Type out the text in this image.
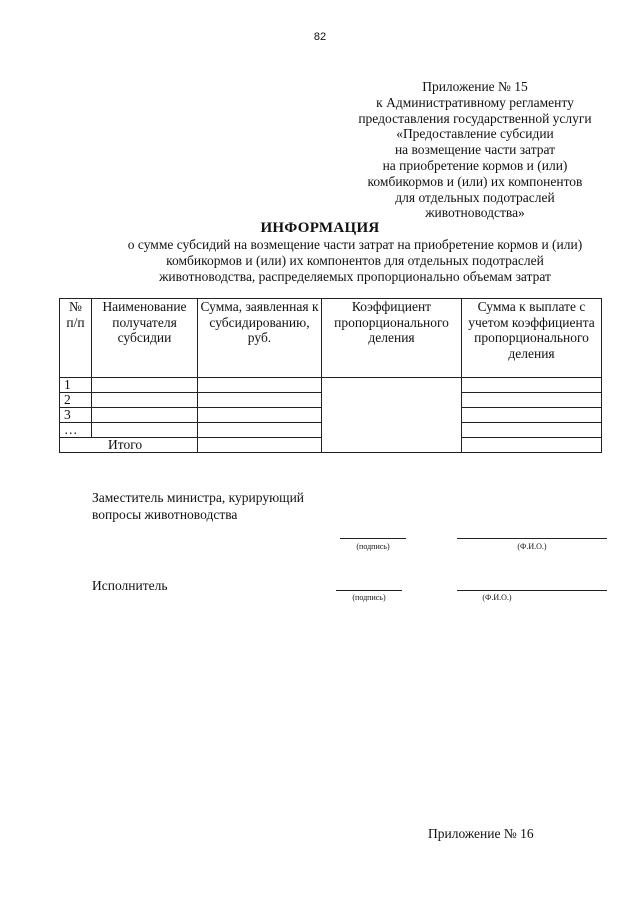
82
Приложение № 15
к Административному регламенту
предоставления государственной услуги
«Предоставление субсидии
на возмещение части затрат
на приобретение кормов и (или)
комбикормов и (или) их компонентов
для отдельных подотраслей
животноводства»
ИНФОРМАЦИЯ
о сумме субсидий на возмещение части затрат на приобретение кормов и (или)
комбикормов и (или) их компонентов для отдельных подотраслей
животноводства, распределяемых пропорционально объемам затрат
№ п/п	Наименование получателя субсидии	Сумма, заявленная к субсидированию, руб.	Коэффициент пропорционального деления	Сумма к выплате с учетом коэффициента пропорционального деления
1				
2				
3				
…				
Итого				
Заместитель министра, курирующий
вопросы животноводства
(подпись)	(Ф.И.О.)
Исполнитель
(подпись)	(Ф.И.О.)
Приложение № 16
